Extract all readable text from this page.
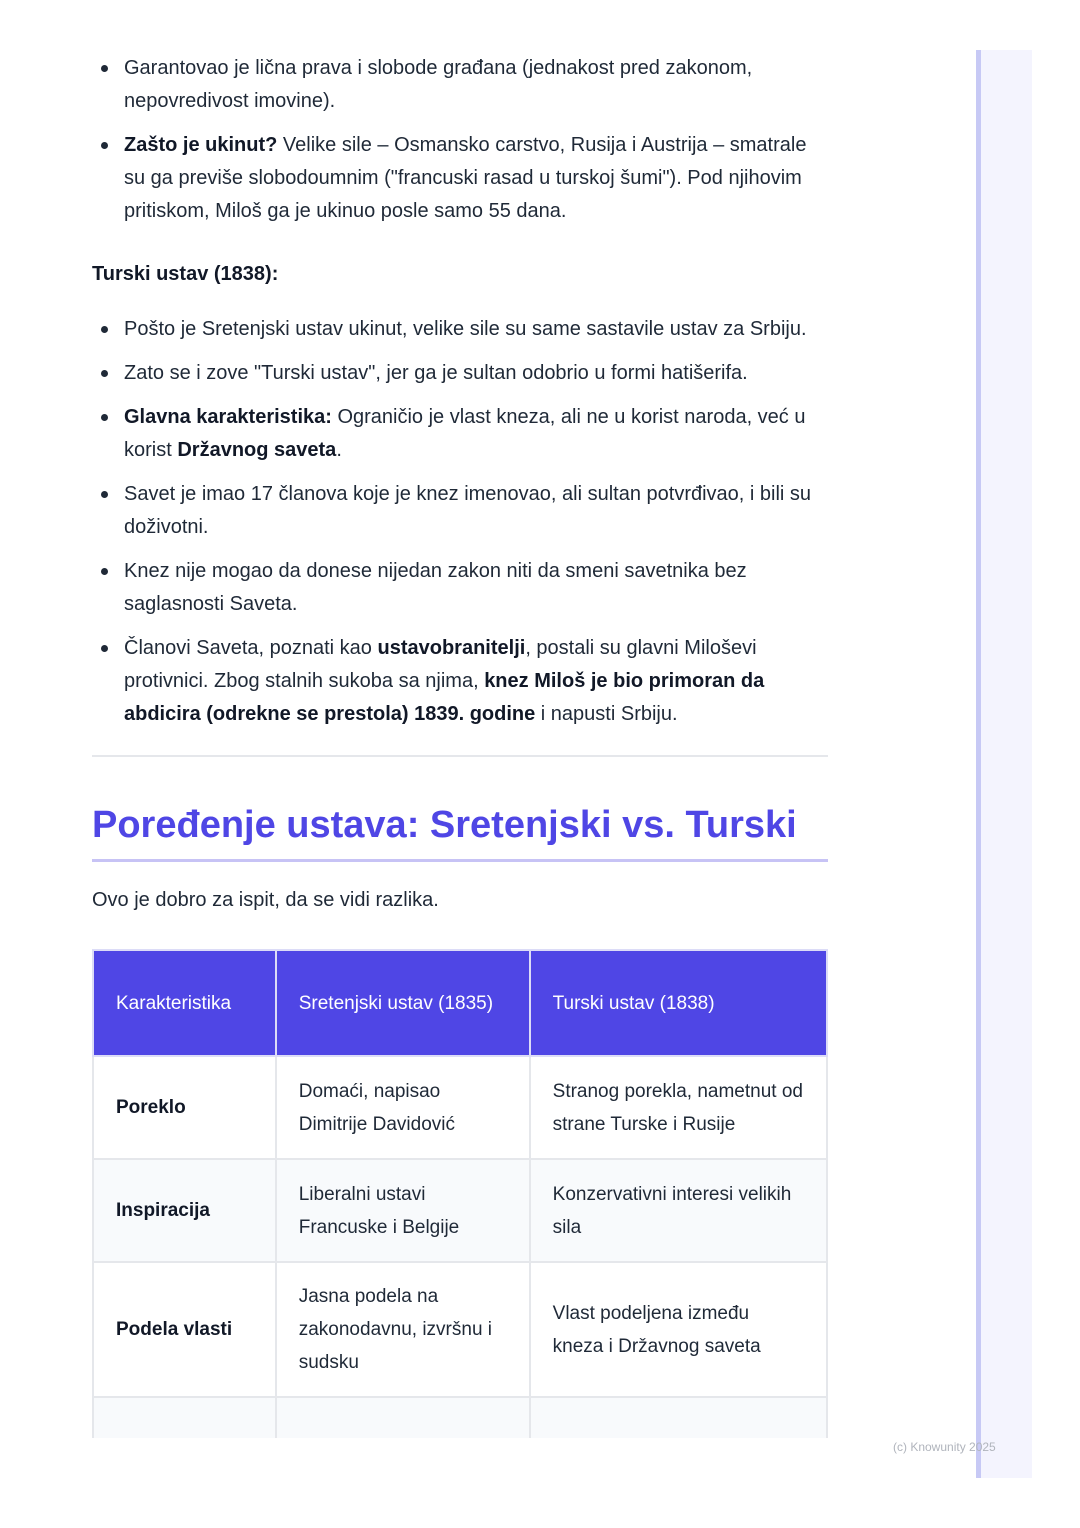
Garantovao je lična prava i slobode građana (jednakost pred zakonom, nepovredivost imovine).
Zašto je ukinut? Velike sile – Osmansko carstvo, Rusija i Austrija – smatrale su ga previše slobodoumnim ("francuski rasad u turskoj šumi"). Pod njihovim pritiskom, Miloš ga je ukinuo posle samo 55 dana.
Turski ustav (1838):
Pošto je Sretenjski ustav ukinut, velike sile su same sastavile ustav za Srbiju.
Zato se i zove "Turski ustav", jer ga je sultan odobrio u formi hatišerifa.
Glavna karakteristika: Ograničio je vlast kneza, ali ne u korist naroda, već u korist Državnog saveta.
Savet je imao 17 članova koje je knez imenovao, ali sultan potvrđivao, i bili su doživotni.
Knez nije mogao da donese nijedan zakon niti da smeni savetnika bez saglasnosti Saveta.
Članovi Saveta, poznati kao ustavobranitelji, postali su glavni Miloševi protivnici. Zbog stalnih sukoba sa njima, knez Miloš je bio primoran da abdicira (odrekne se prestola) 1839. godine i napusti Srbiju.
Poređenje ustava: Sretenjski vs. Turski

Ovo je dobro za ispit, da se vidi razlika.

Karakteristika	Sretenjski ustav (1835)	Turski ustav (1838)
Poreklo	Domaći, napisao Dimitrije Davidović	Stranog porekla, nametnut od strane Turske i Rusije
Inspiracija	Liberalni ustavi Francuske i Belgije	Konzervativni interesi velikih sila
Podela vlasti	Jasna podela na zakonodavnu, izvršnu i sudsku	Vlast podeljena između kneza i Državnog saveta

(c) Knowunity 2025
